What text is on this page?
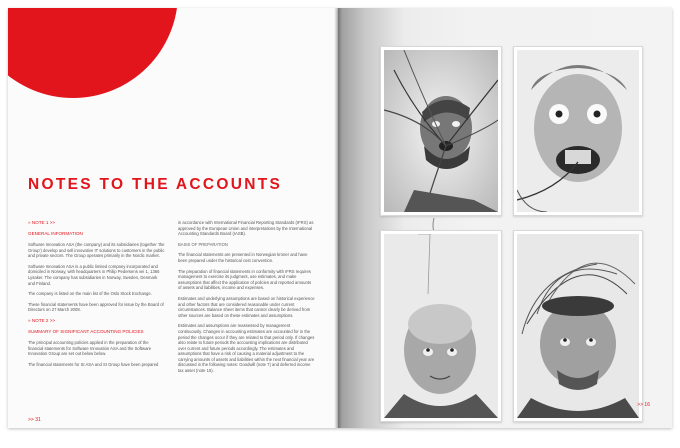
NOTES TO THE ACCOUNTS

» NOTE 1 >>

GENERAL INFORMATION

Software Innovation ASA (the company) and its subsidiaries (together 'the Group') develop and sell innovative IT solutions to customers in the public and private sectors. The Group operates primarily in the Nordic market.

Software Innovation ASA is a public limited company incorporated and domiciled in Norway, with headquarters in Philip Pedersens vei 1, 1366 Lysaker. The company has subsidiaries in Norway, Sweden, Denmark and Finland.

The company is listed on the main list of the Oslo Stock Exchange.

These financial statements have been approved for issue by the Board of Directors on 27 March 2008.

» NOTE 2 >>

SUMMARY OF SIGNIFICANT ACCOUNTING POLICIES

The principal accounting policies applied in the preparation of the financial statements for Software Innovation ASA and the Software Innovation Group are set out below below.

The financial statements for SI ASA and SI Group have been prepared

in accordance with International Financial Reporting Standards (IFRS) as approved by the European Union and interpretations by the International Accounting Standards Board (IASB).

BASIS OF PREPARATION

The financial statements are presented in Norwegian kroner and have been prepared under the historical cost convention.

The preparation of financial statements in conformity with IFRS requires management to exercise its judgment, use estimates, and make assumptions that affect the application of policies and reported amounts of assets and liabilities, income and expenses.

Estimates and underlying assumptions are based on historical experience and other factors that are considered reasonable under current circumstances. Balance sheet items that cannot clearly be derived from other sources are based on these estimates and assumptions.

Estimates and assumptions are reassessed by management continuously. Changes in accounting estimates are accounted for in the period the changes occur if they are related to that period only. If changes also relate to future periods the accounting implications are distributed over current and future periods accordingly. The estimates and assumptions that have a risk of causing a material adjustment to the carrying amounts of assets and liabilities within the next financial year are discussed in the following notes: Goodwill (note 7) and deferred income tax asset (note 15).

>> 31
>> 16
